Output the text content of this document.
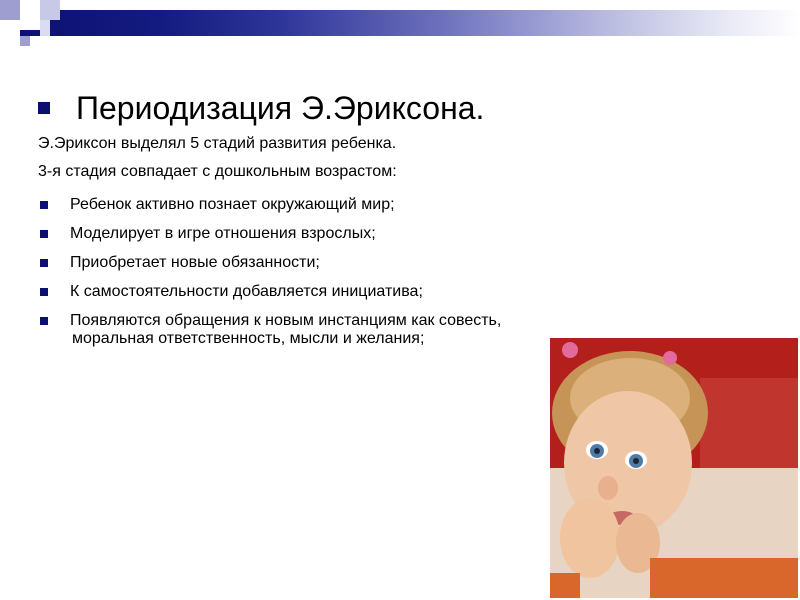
Периодизация Э.Эриксона.
Э.Эриксон выделял 5 стадий развития ребенка.
3-я стадия совпадает с дошкольным возрастом:
Ребенок активно познает окружающий мир;
Моделирует в игре отношения взрослых;
Приобретает новые обязанности;
К самостоятельности добавляется инициатива;
Появляются обращения к новым инстанциям как совесть,
моральная ответственность, мысли и желания;
